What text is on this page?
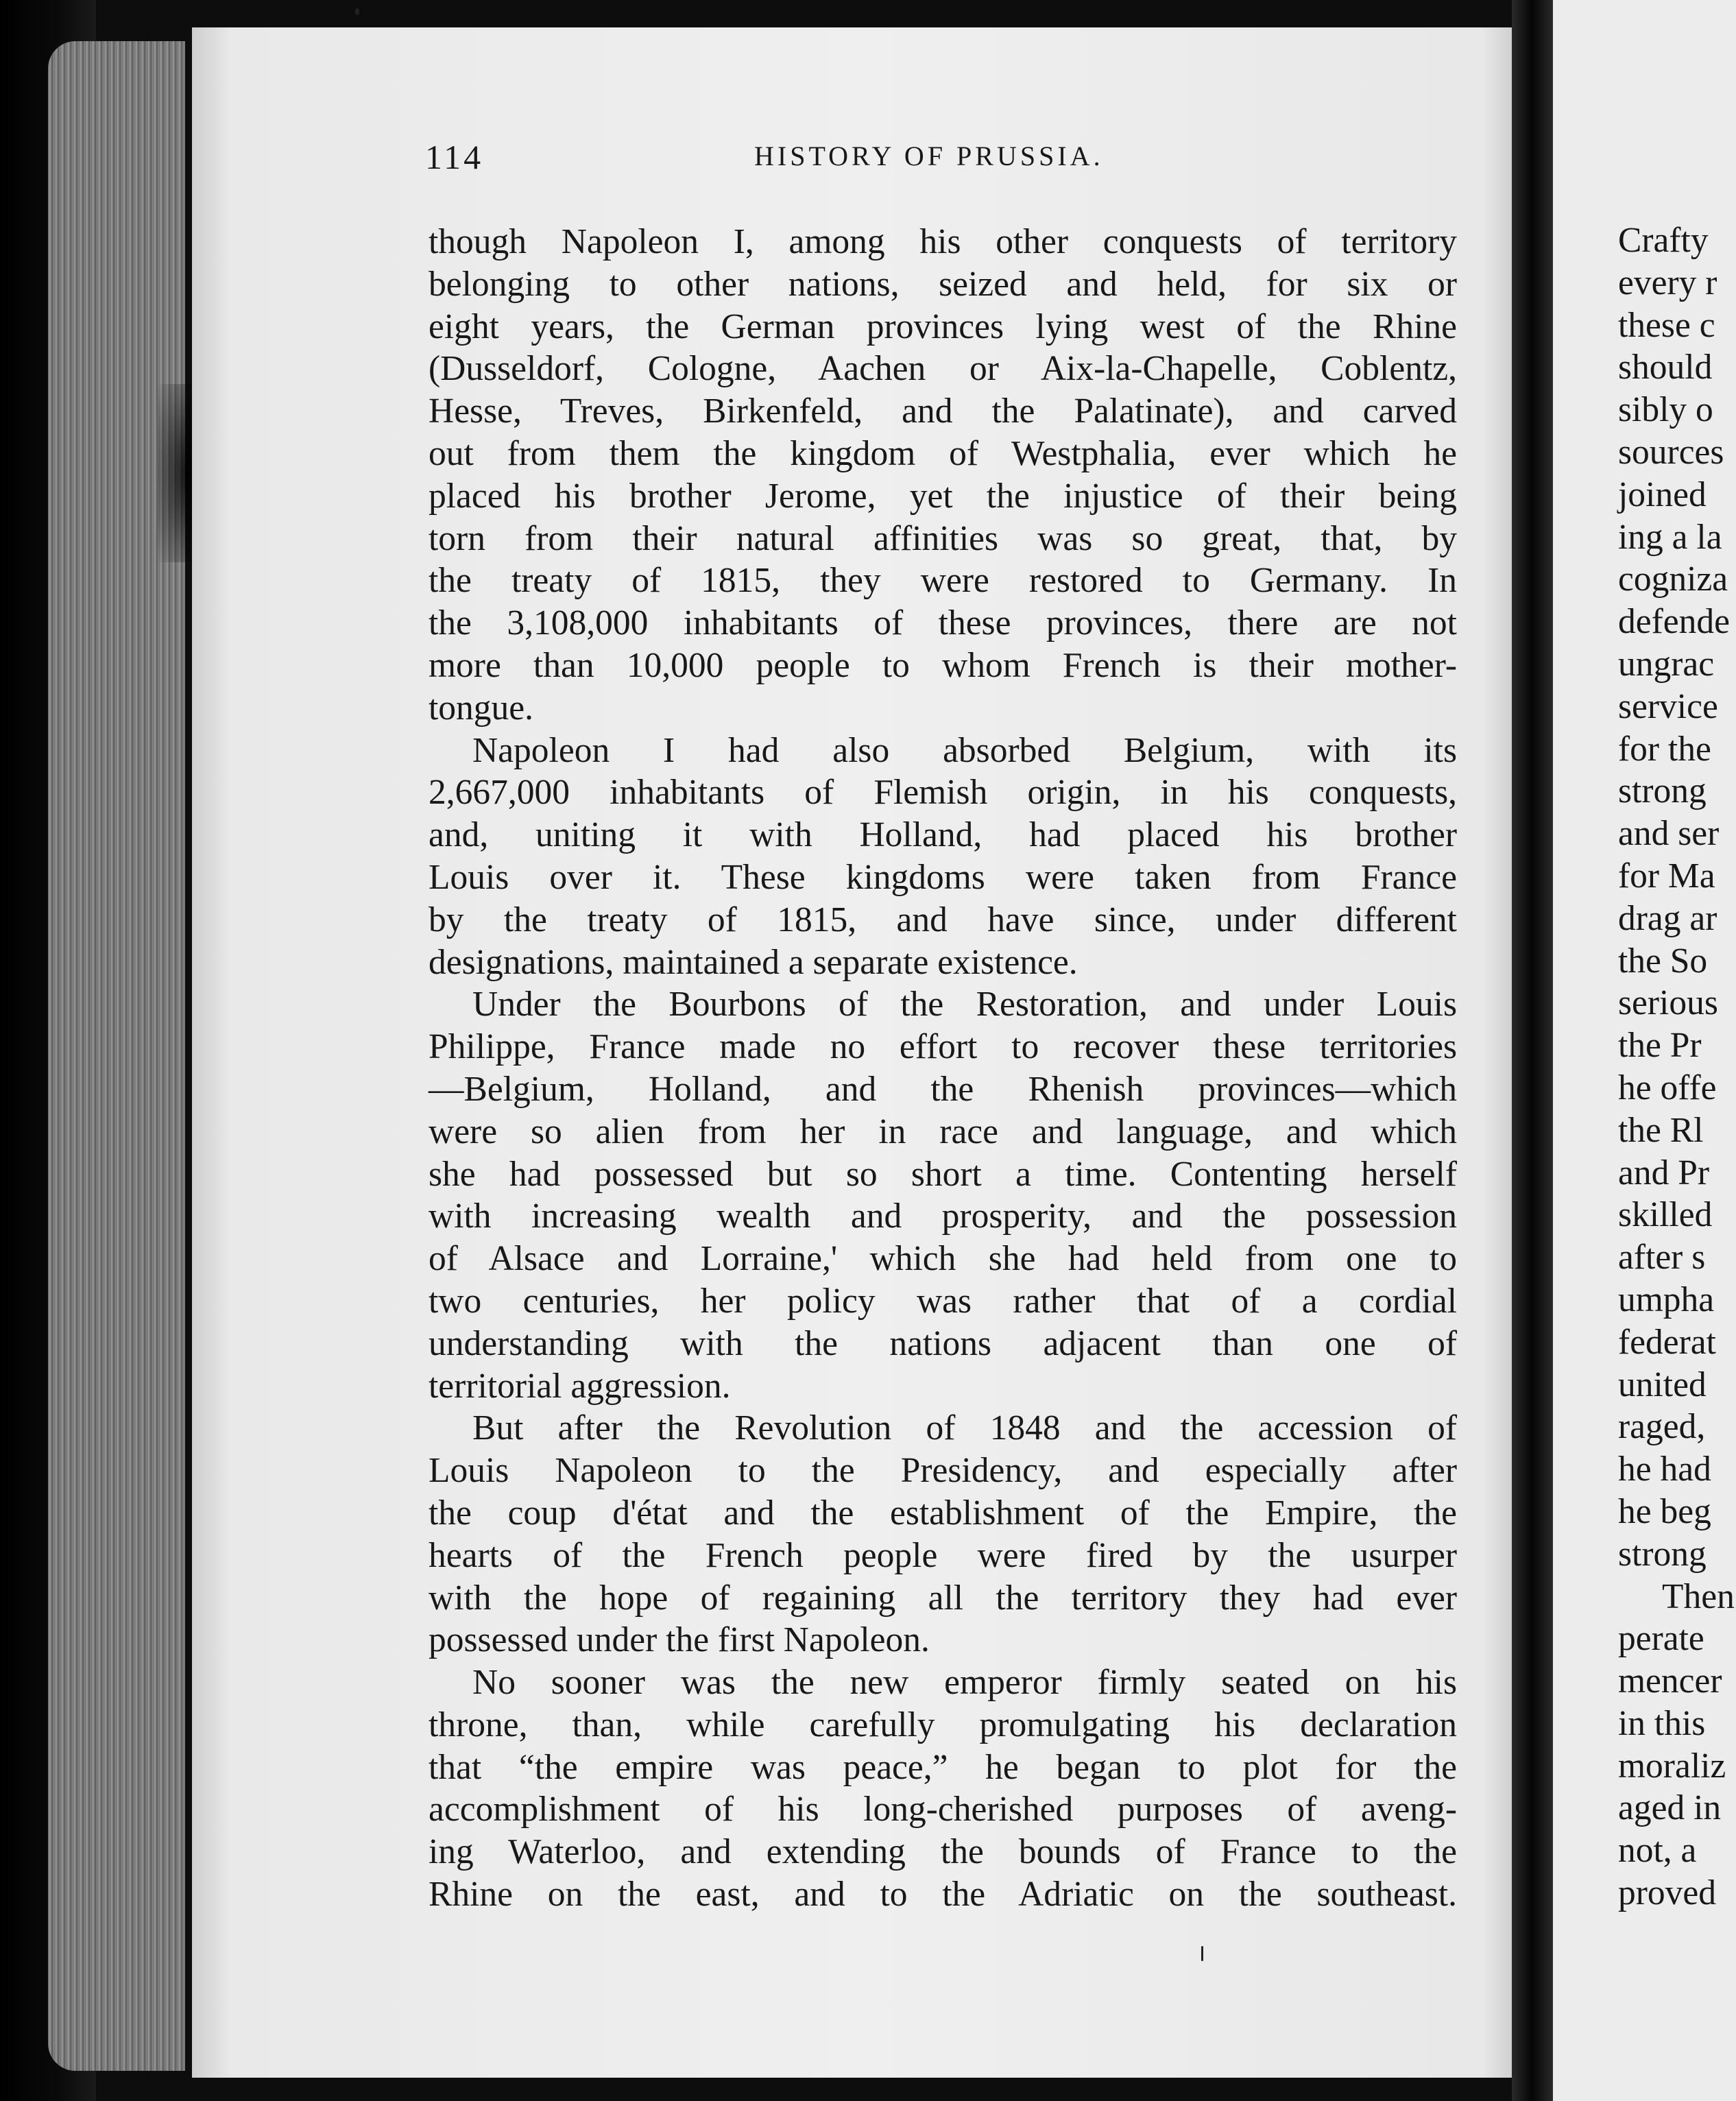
114	HISTORY OF PRUSSIA.
though Napoleon I, among his other conquests of territory
belonging to other nations, seized and held, for six or
eight years, the German provinces lying west of the Rhine
(Dusseldorf, Cologne, Aachen or Aix-la-Chapelle, Coblentz,
Hesse, Treves, Birkenfeld, and the Palatinate), and carved
out from them the kingdom of Westphalia, ever which he
placed his brother Jerome, yet the injustice of their being
torn from their natural affinities was so great, that, by
the treaty of 1815, they were restored to Germany. In
the 3,108,000 inhabitants of these provinces, there are not
more than 10,000 people to whom French is their mother-
tongue.
Napoleon I had also absorbed Belgium, with its
2,667,000 inhabitants of Flemish origin, in his conquests,
and, uniting it with Holland, had placed his brother
Louis over it. These kingdoms were taken from France
by the treaty of 1815, and have since, under different
designations, maintained a separate existence.
Under the Bourbons of the Restoration, and under Louis
Philippe, France made no effort to recover these territories
—Belgium, Holland, and the Rhenish provinces—which
were so alien from her in race and language, and which
she had possessed but so short a time. Contenting herself
with increasing wealth and prosperity, and the possession
of Alsace and Lorraine,' which she had held from one to
two centuries, her policy was rather that of a cordial
understanding with the nations adjacent than one of
territorial aggression.
But after the Revolution of 1848 and the accession of
Louis Napoleon to the Presidency, and especially after
the coup d'état and the establishment of the Empire, the
hearts of the French people were fired by the usurper
with the hope of regaining all the territory they had ever
possessed under the first Napoleon.
No sooner was the new emperor firmly seated on his
throne, than, while carefully promulgating his declaration
that “the empire was peace,” he began to plot for the
accomplishment of his long-cherished purposes of aveng-
ing Waterloo, and extending the bounds of France to the
Rhine on the east, and to the Adriatic on the southeast.
Crafty
every r
these c
should
sibly o
sources
joined
ing a la
cogniza
defende
ungrac
service
for the
strong
and ser
for Ma
drag ar
the So
serious
the Pr
he offe
the Rl
and Pr
skilled
after s
umpha
federat
united
raged,
he had
he beg
strong
Then
perate
mencer
in this
moraliz
aged in
not, a
proved
